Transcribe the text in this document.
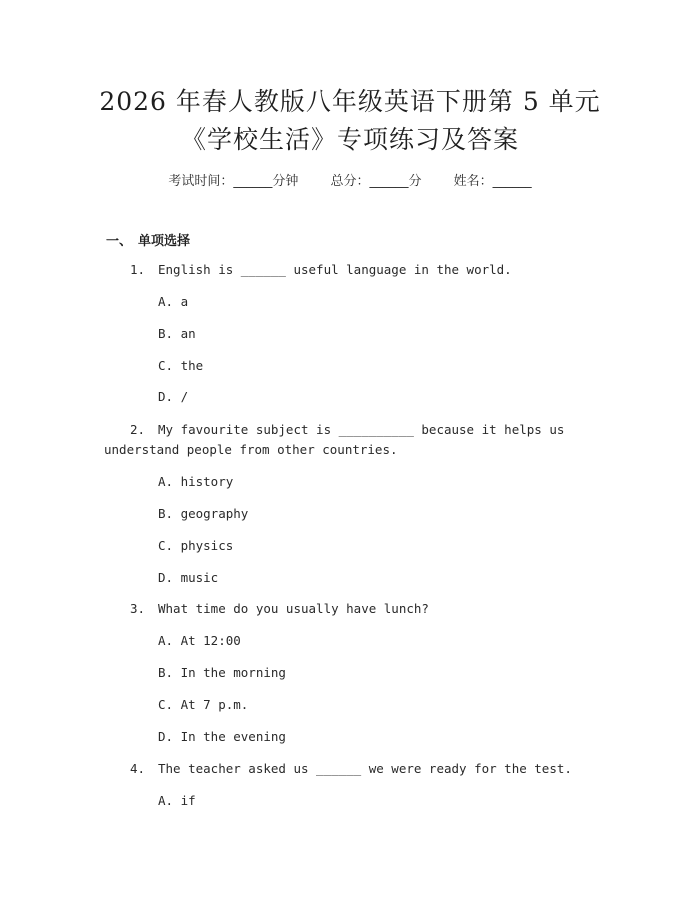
2026 年春人教版八年级英语下册第 5 单元
《学校生活》专项练习及答案
考试时间：______分钟 总分：______分 姓名：______
一、 单项选择
1. English is ______ useful language in the world.
A. a
B. an
C. the
D. /
2. My favourite subject is __________ because it helps us
understand people from other countries.
A. history
B. geography
C. physics
D. music
3. What time do you usually have lunch?
A. At 12:00
B. In the morning
C. At 7 p.m.
D. In the evening
4. The teacher asked us ______ we were ready for the test.
A. if
